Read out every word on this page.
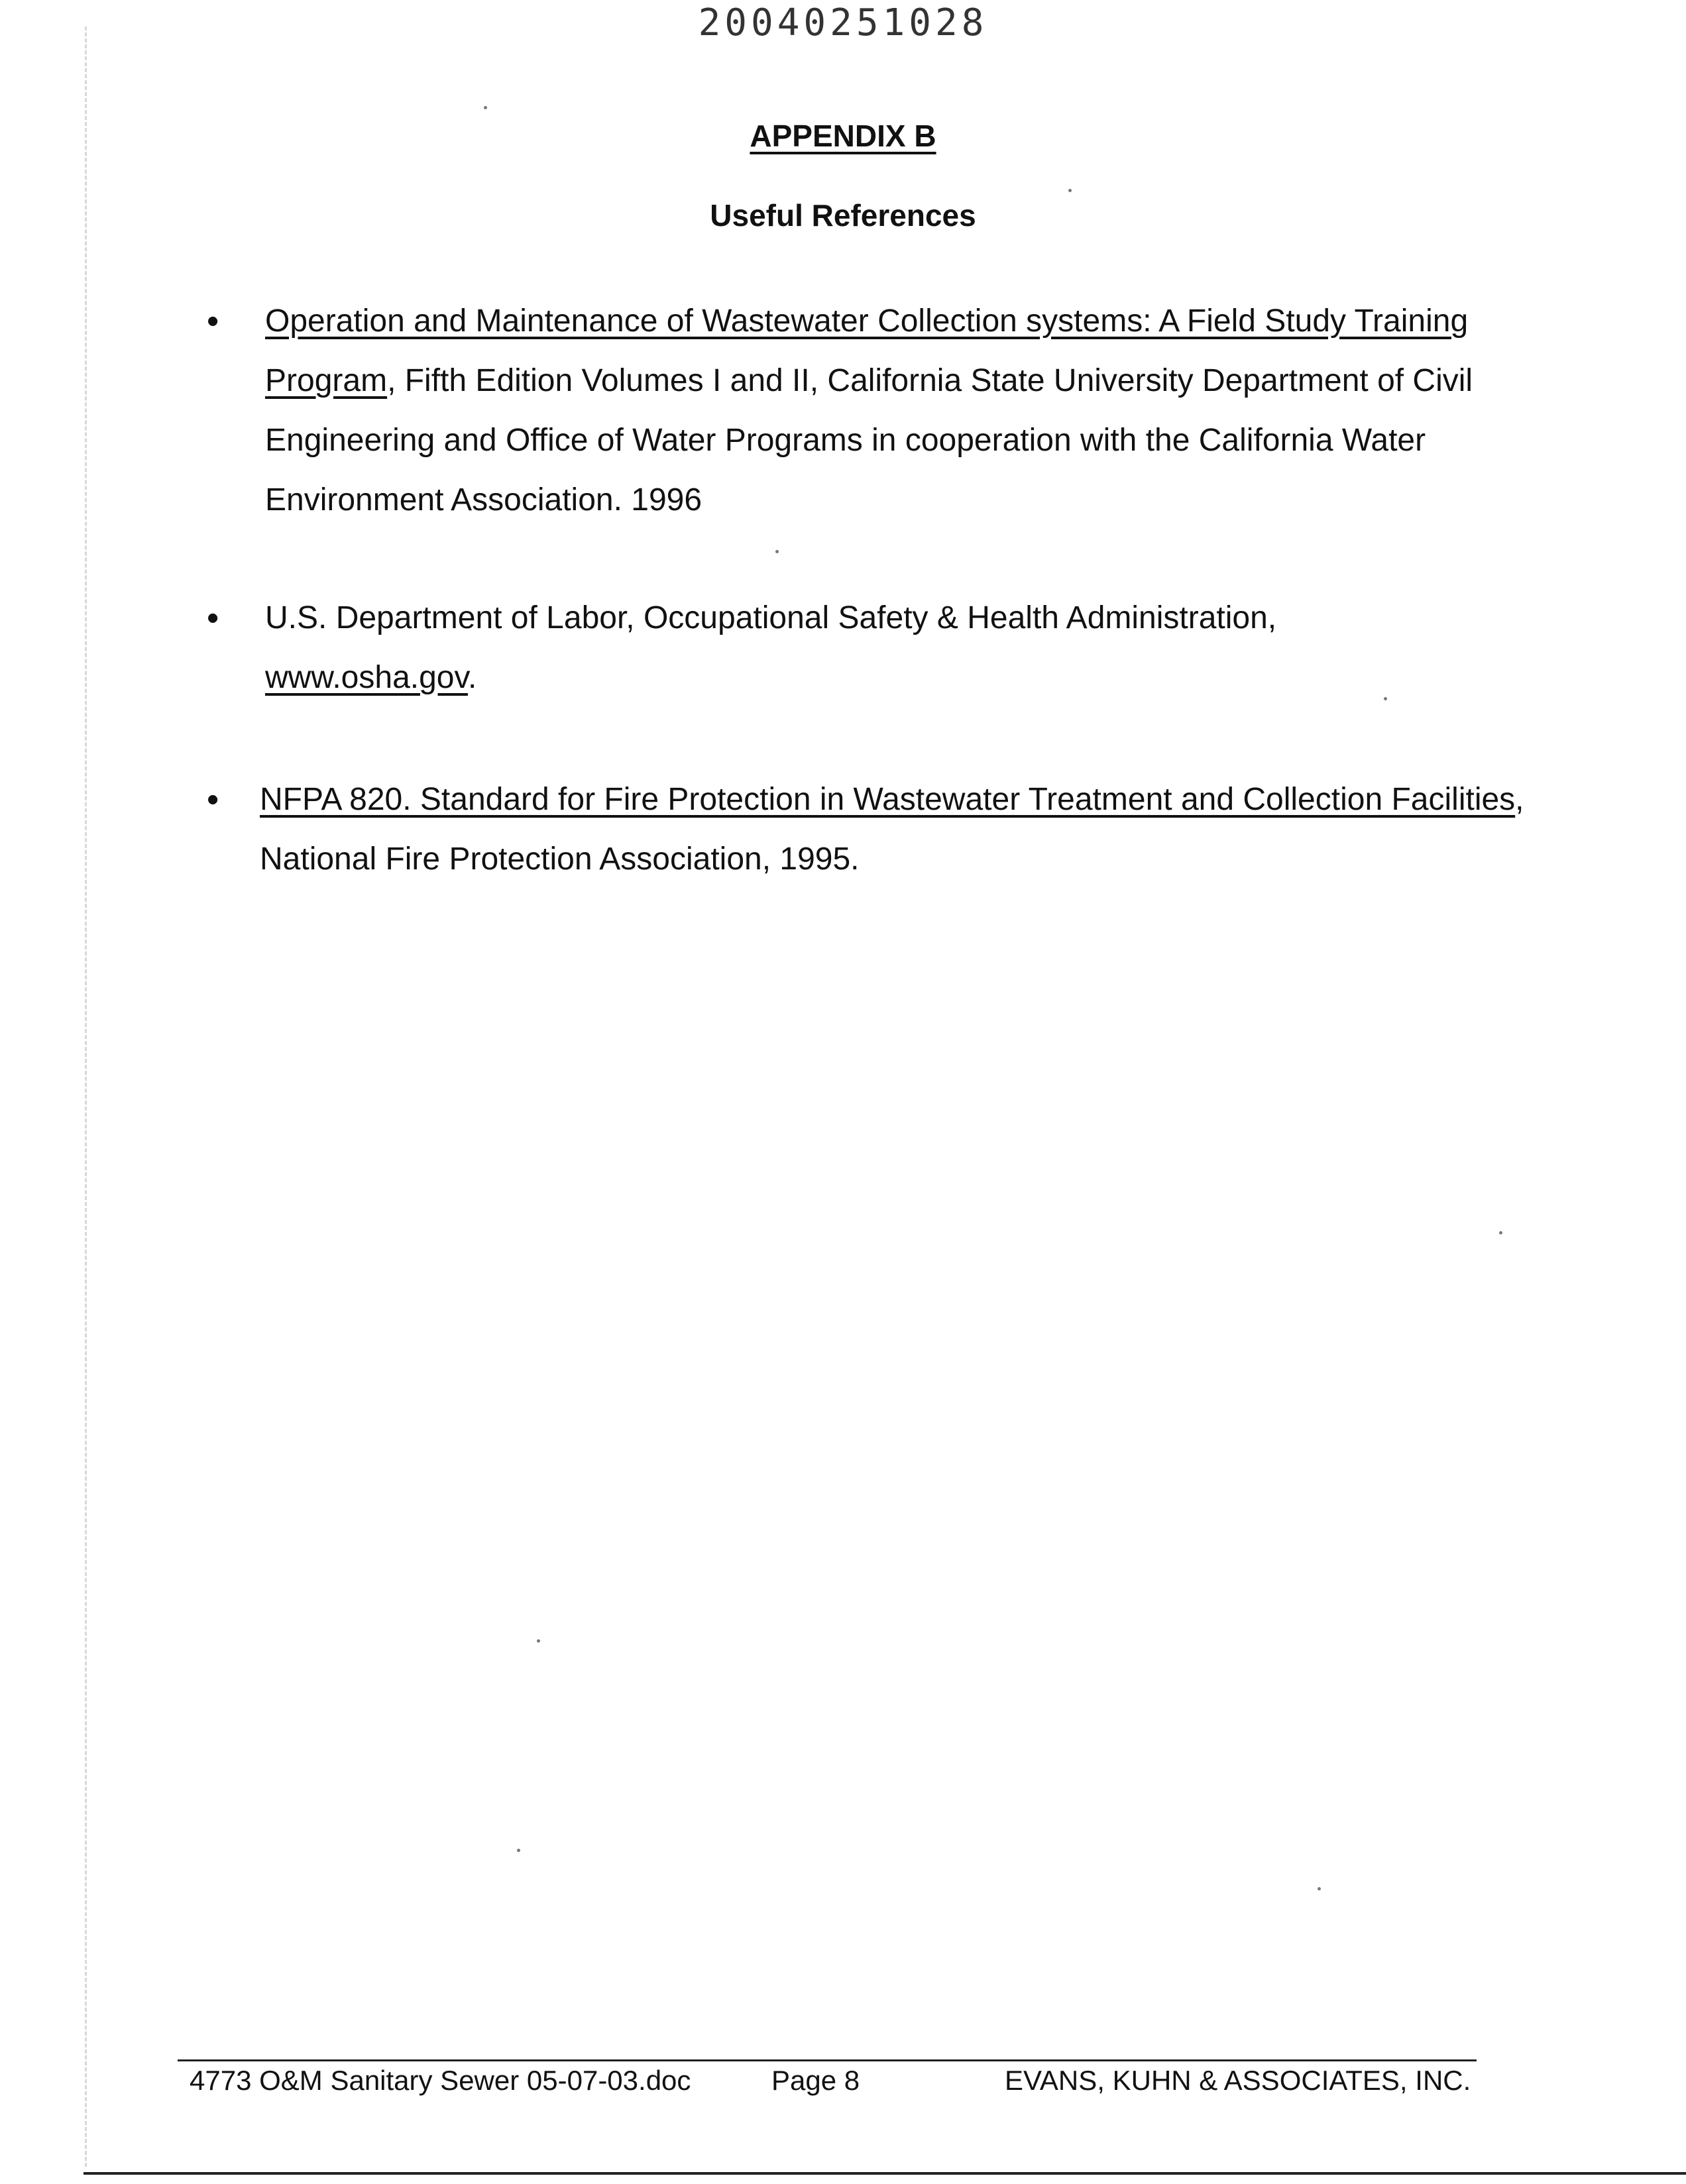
20040251028
APPENDIX B
Useful References
• Operation and Maintenance of Wastewater Collection systems: A Field Study Training Program, Fifth Edition Volumes I and II, California State University Department of Civil Engineering and Office of Water Programs in cooperation with the California Water Environment Association. 1996
• U.S. Department of Labor, Occupational Safety & Health Administration, www.osha.gov.
• NFPA 820. Standard for Fire Protection in Wastewater Treatment and Collection Facilities, National Fire Protection Association, 1995.
4773 O&M Sanitary Sewer 05-07-03.doc	Page 8	EVANS, KUHN & ASSOCIATES, INC.
